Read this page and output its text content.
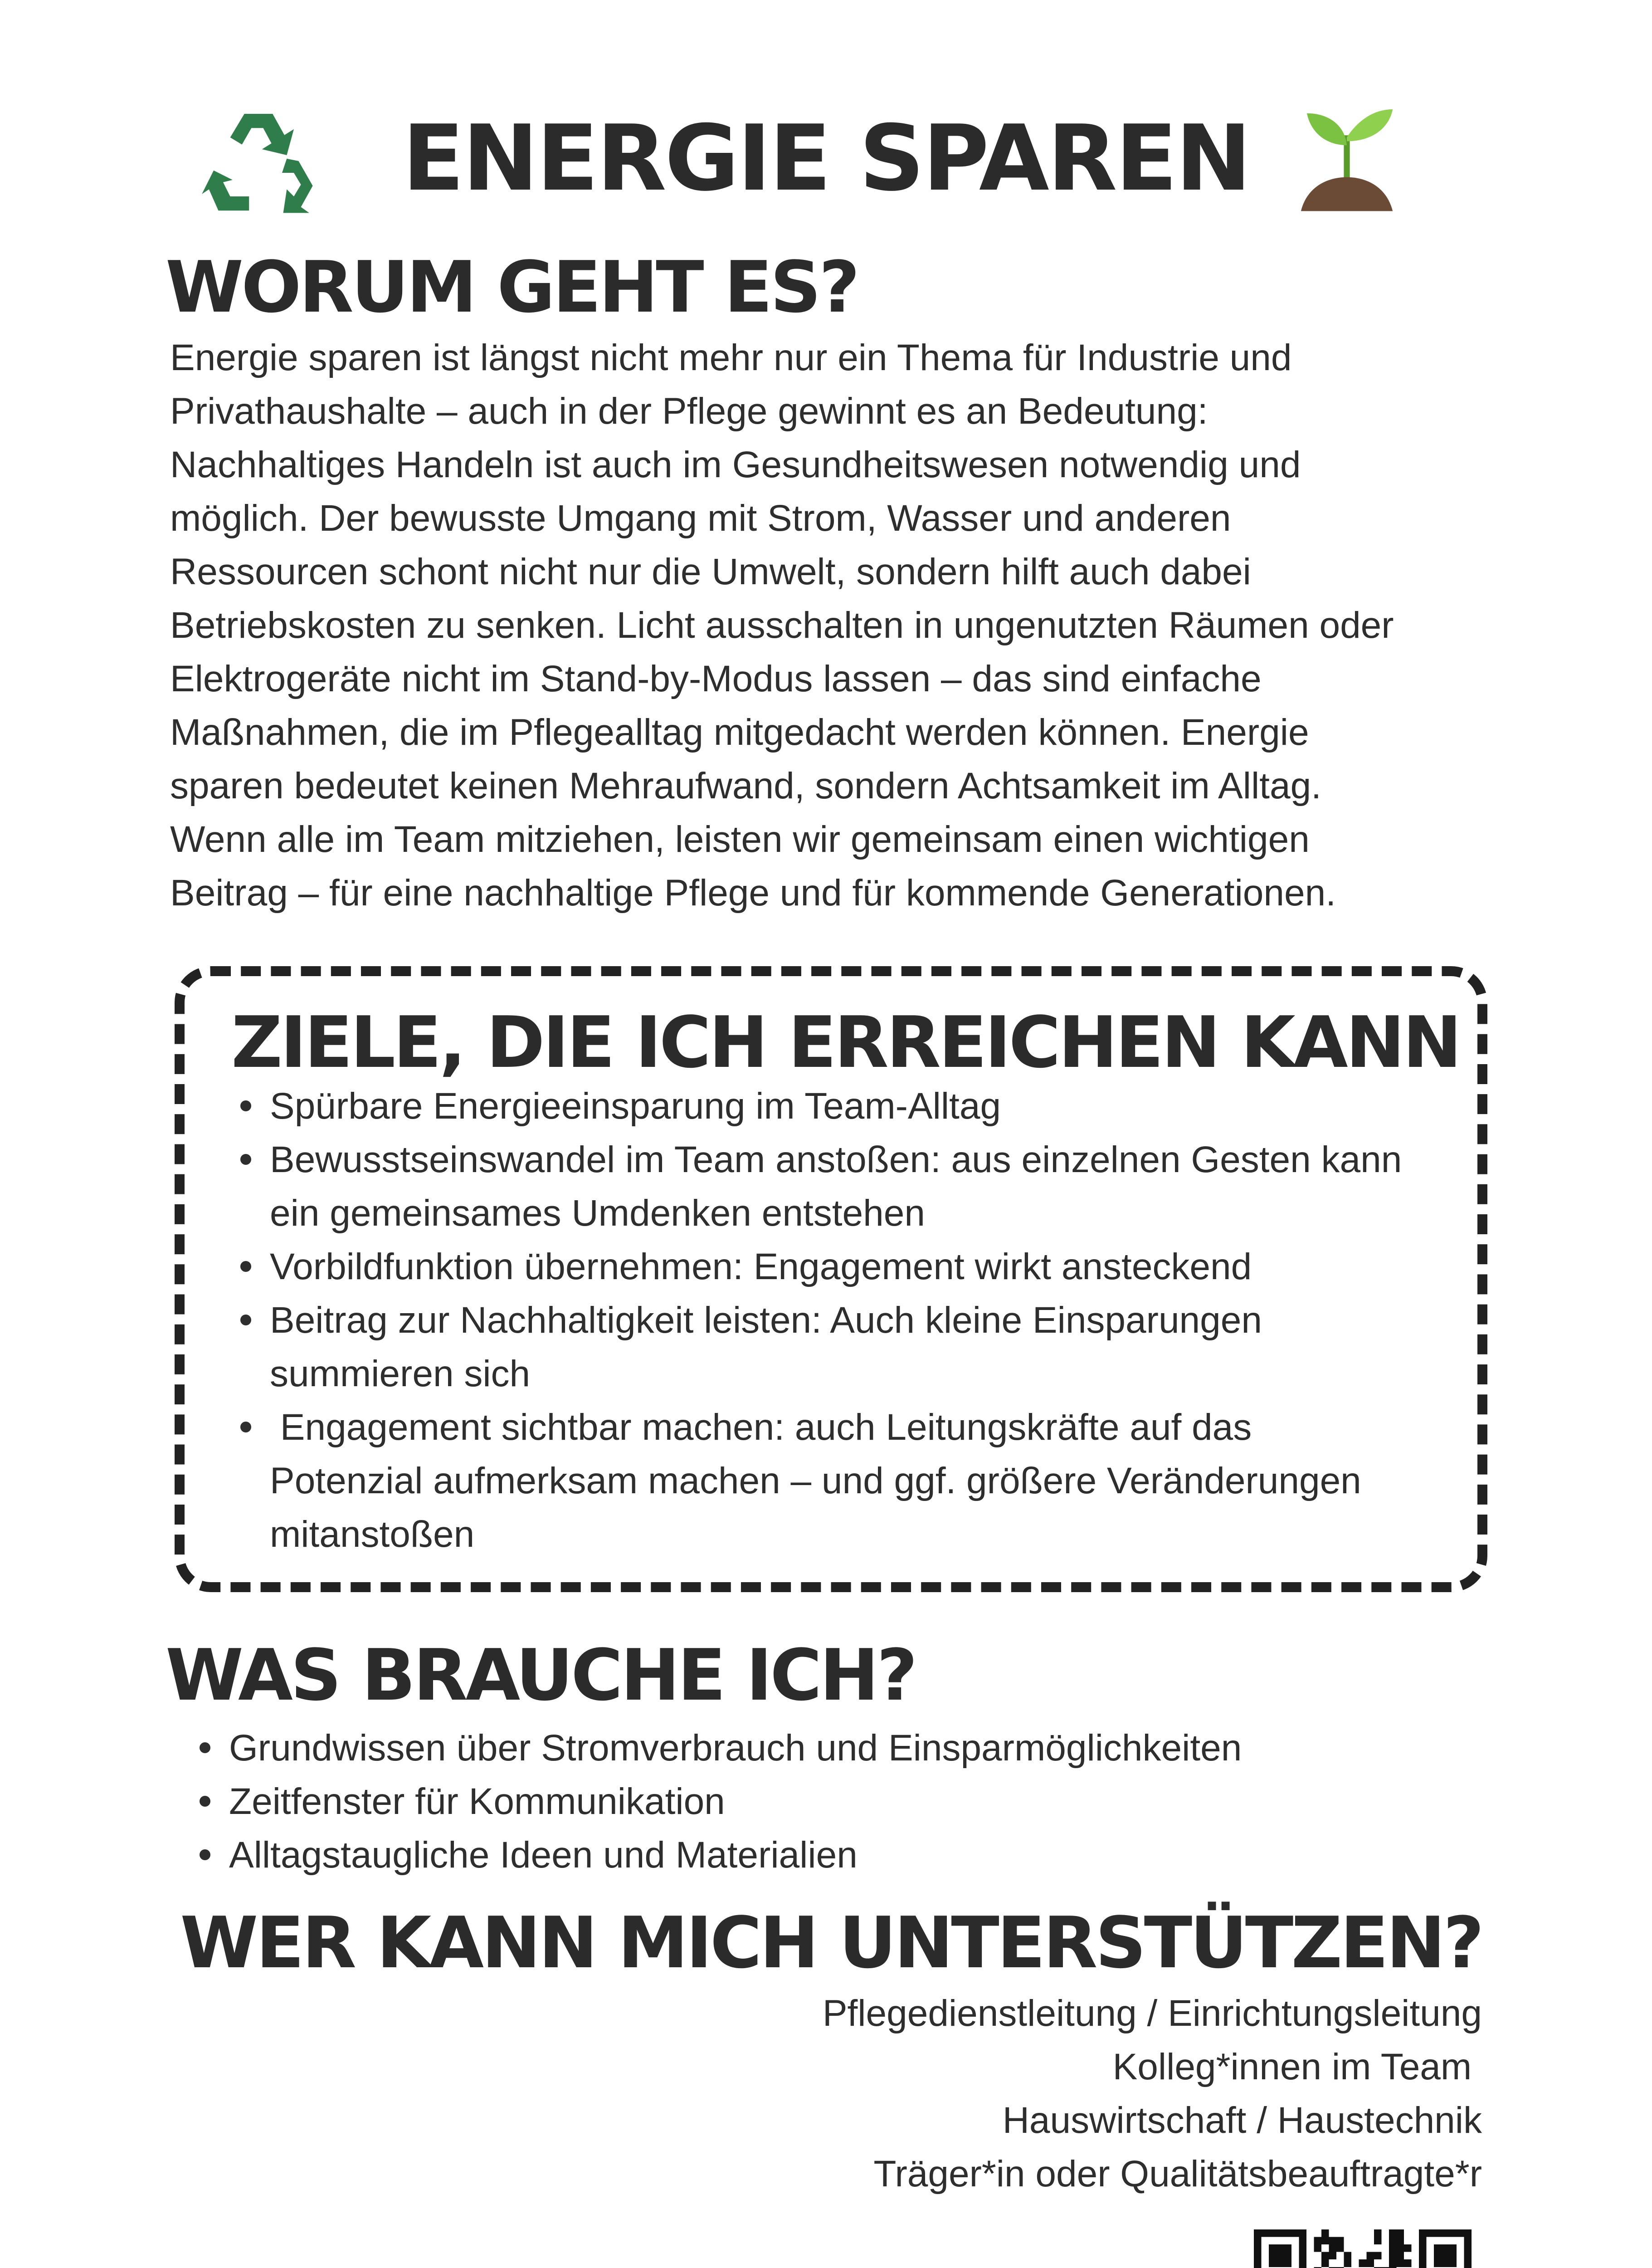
ENERGIE SPAREN
WORUM GEHT ES?
Energie sparen ist längst nicht mehr nur ein Thema für Industrie und
Privathaushalte – auch in der Pflege gewinnt es an Bedeutung:
Nachhaltiges Handeln ist auch im Gesundheitswesen notwendig und
möglich. Der bewusste Umgang mit Strom, Wasser und anderen
Ressourcen schont nicht nur die Umwelt, sondern hilft auch dabei
Betriebskosten zu senken. Licht ausschalten in ungenutzten Räumen oder
Elektrogeräte nicht im Stand-by-Modus lassen – das sind einfache
Maßnahmen, die im Pflegealltag mitgedacht werden können. Energie
sparen bedeutet keinen Mehraufwand, sondern Achtsamkeit im Alltag.
Wenn alle im Team mitziehen, leisten wir gemeinsam einen wichtigen
Beitrag – für eine nachhaltige Pflege und für kommende Generationen.
ZIELE, DIE ICH ERREICHEN KANN
Spürbare Energieeinsparung im Team-Alltag
Bewusstseinswandel im Team anstoßen: aus einzelnen Gesten kann
ein gemeinsames Umdenken entstehen
Vorbildfunktion übernehmen: Engagement wirkt ansteckend
Beitrag zur Nachhaltigkeit leisten: Auch kleine Einsparungen
summieren sich
Engagement sichtbar machen: auch Leitungskräfte auf das
Potenzial aufmerksam machen – und ggf. größere Veränderungen
mitanstoßen
WAS BRAUCHE ICH?
Grundwissen über Stromverbrauch und Einsparmöglichkeiten
Zeitfenster für Kommunikation
Alltagstaugliche Ideen und Materialien
WER KANN MICH UNTERSTÜTZEN?
Pflegedienstleitung / Einrichtungsleitung
Kolleg*innen im Team
Hauswirtschaft / Haustechnik
Träger*in oder Qualitätsbeauftragte*r
